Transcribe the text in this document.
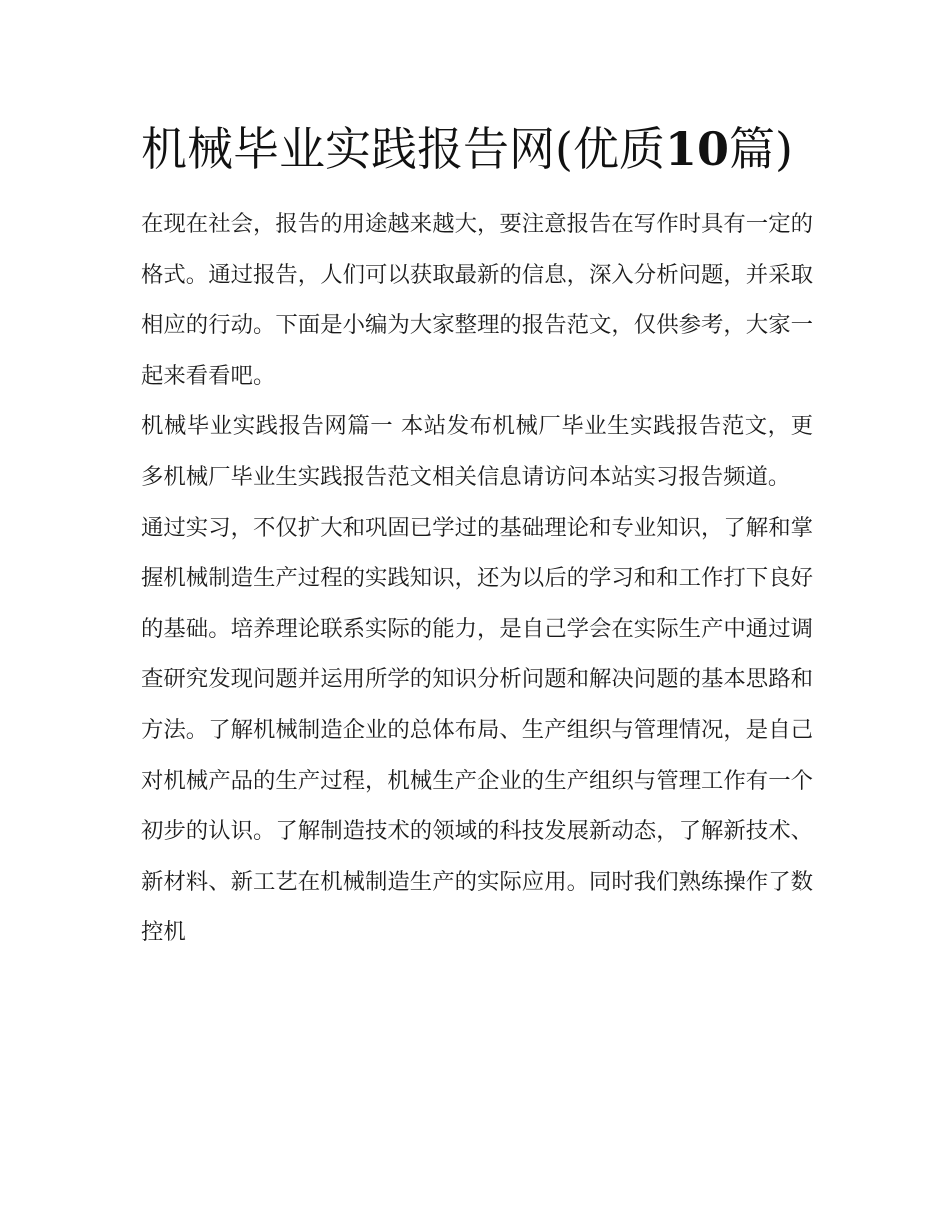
机械毕业实践报告网(优质10篇)

在现在社会，报告的用途越来越大，要注意报告在写作时具有一定的格式。通过报告，人们可以获取最新的信息，深入分析问题，并采取相应的行动。下面是小编为大家整理的报告范文，仅供参考，大家一起来看看吧。

机械毕业实践报告网篇一 本站发布机械厂毕业生实践报告范文，更多机械厂毕业生实践报告范文相关信息请访问本站实习报告频道。

通过实习，不仅扩大和巩固已学过的基础理论和专业知识，了解和掌握机械制造生产过程的实践知识，还为以后的学习和和工作打下良好的基础。培养理论联系实际的能力，是自己学会在实际生产中通过调查研究发现问题并运用所学的知识分析问题和解决问题的基本思路和方法。了解机械制造企业的总体布局、生产组织与管理情况，是自己对机械产品的生产过程，机械生产企业的生产组织与管理工作有一个初步的认识。了解制造技术的领域的科技发展新动态，了解新技术、新材料、新工艺在机械制造生产的实际应用。同时我们熟练操作了数控机
